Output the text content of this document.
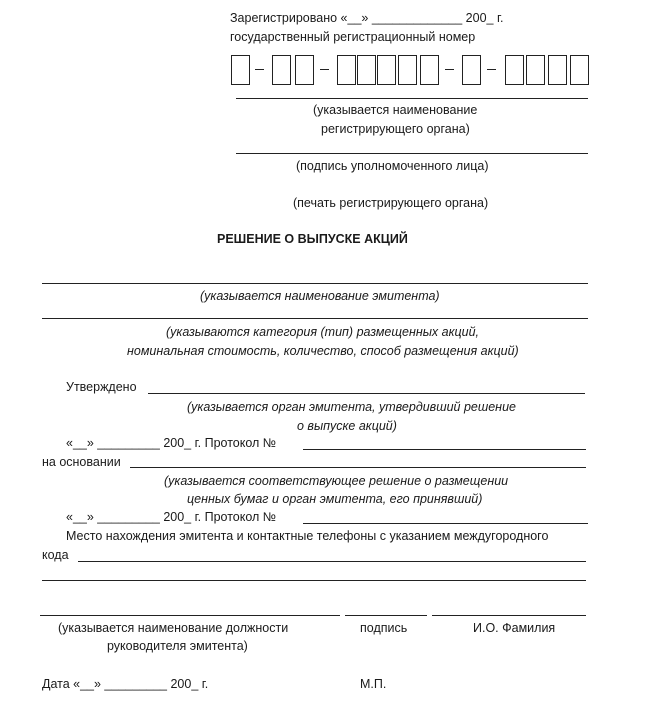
Зарегистрировано «__» _____________ 200_ г.
государственный регистрационный номер
(указывается наименование
регистрирующего органа)
(подпись уполномоченного лица)
(печать регистрирующего органа)
РЕШЕНИЕ О ВЫПУСКЕ АКЦИЙ
(указывается наименование эмитента)
(указываются категория (тип) размещенных акций,
номинальная стоимость, количество, способ размещения акций)
Утверждено
(указывается орган эмитента, утвердивший решение
о выпуске акций)
«__» _________ 200_ г. Протокол №
на основании
(указывается соответствующее решение о размещении
ценных бумаг и орган эмитента, его принявший)
«__» _________ 200_ г. Протокол №
Место нахождения эмитента и контактные телефоны с указанием междугородного
кода
(указывается наименование должности
руководителя эмитента)
подпись	И.О. Фамилия
Дата «__» _________ 200_ г.	М.П.
